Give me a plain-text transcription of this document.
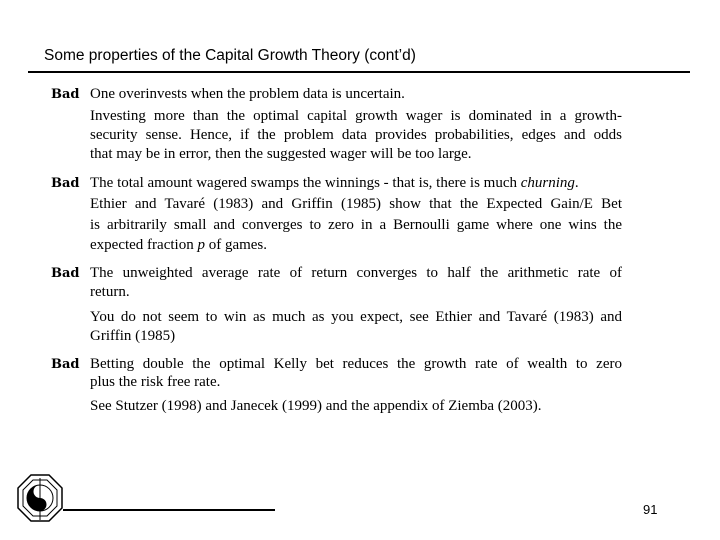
Some properties of the Capital Growth Theory (cont’d)
Bad One overinvests when the problem data is uncertain.
Investing more than the optimal capital growth wager is dominated in a growth-
security sense. Hence, if the problem data provides probabilities, edges and odds
that may be in error, then the suggested wager will be too large.
Bad The total amount wagered swamps the winnings - that is, there is much churning.
Ethier and Tavaré (1983) and Griffin (1985) show that the Expected Gain/E Bet
is arbitrarily small and converges to zero in a Bernoulli game where one wins the
expected fraction p of games.
Bad The unweighted average rate of return converges to half the arithmetic rate of
return.
You do not seem to win as much as you expect, see Ethier and Tavaré (1983) and
Griffin (1985)
Bad Betting double the optimal Kelly bet reduces the growth rate of wealth to zero
plus the risk free rate.
See Stutzer (1998) and Janecek (1999) and the appendix of Ziemba (2003).
91
